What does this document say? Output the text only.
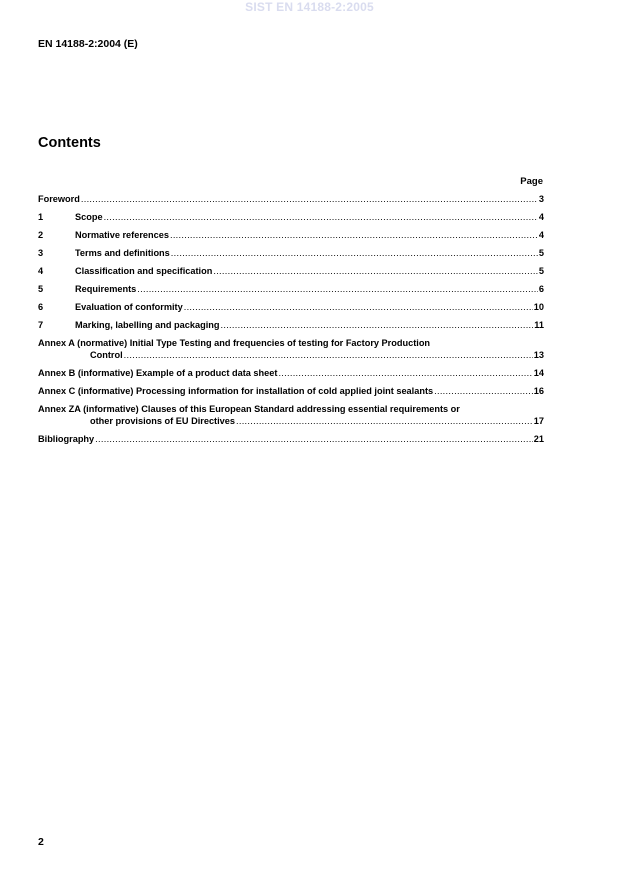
SIST EN 14188-2:2005
EN 14188-2:2004 (E)
Contents
Page
Foreword .....	3
1	Scope .....	4
2	Normative references .....	4
3	Terms and definitions .....	5
4	Classification and specification .....	5
5	Requirements .....	6
6	Evaluation of conformity .....	10
7	Marking, labelling and packaging .....	11
Annex A (normative) Initial Type Testing and frequencies of testing for Factory Production
Control .....	13
Annex B (informative) Example of a product data sheet .....	14
Annex C (informative) Processing information for installation of cold applied joint sealants .....	16
Annex ZA (informative) Clauses of this European Standard addressing essential requirements or
other provisions of EU Directives .....	17
Bibliography .....	21
2
